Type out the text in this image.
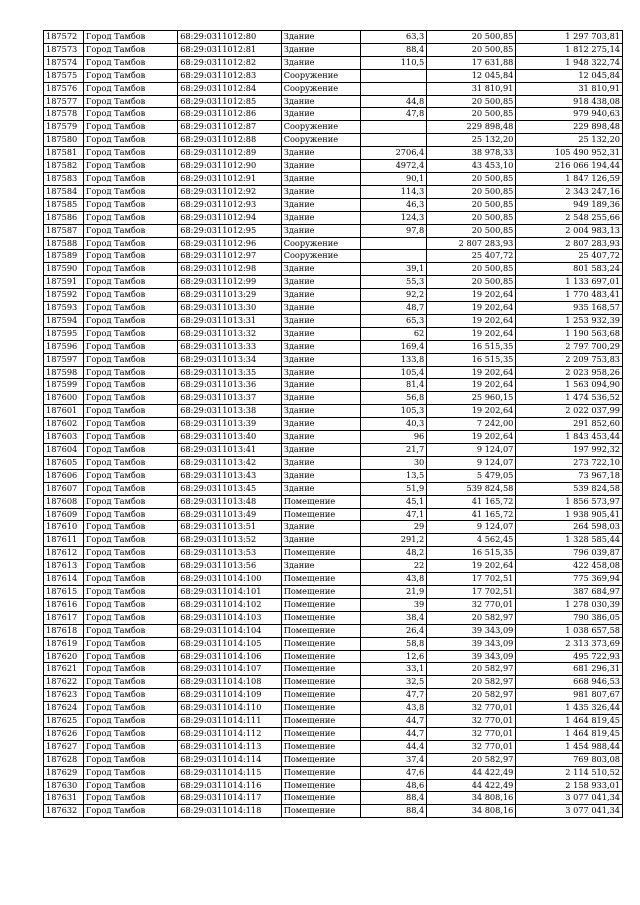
187572	Город Тамбов	68:29:0311012:80	Здание	63,3	20 500,85	1 297 703,81
187573	Город Тамбов	68:29:0311012:81	Здание	88,4	20 500,85	1 812 275,14
187574	Город Тамбов	68:29:0311012:82	Здание	110,5	17 631,88	1 948 322,74
187575	Город Тамбов	68:29:0311012:83	Сооружение		12 045,84	12 045,84
187576	Город Тамбов	68:29:0311012:84	Сооружение		31 810,91	31 810,91
187577	Город Тамбов	68:29:0311012:85	Здание	44,8	20 500,85	918 438,08
187578	Город Тамбов	68:29:0311012:86	Здание	47,8	20 500,85	979 940,63
187579	Город Тамбов	68:29:0311012:87	Сооружение		229 898,48	229 898,48
187580	Город Тамбов	68:29:0311012:88	Сооружение		25 132,20	25 132,20
187581	Город Тамбов	68:29:0311012:89	Здание	2706,4	38 978,33	105 490 952,31
187582	Город Тамбов	68:29:0311012:90	Здание	4972,4	43 453,10	216 066 194,44
187583	Город Тамбов	68:29:0311012:91	Здание	90,1	20 500,85	1 847 126,59
187584	Город Тамбов	68:29:0311012:92	Здание	114,3	20 500,85	2 343 247,16
187585	Город Тамбов	68:29:0311012:93	Здание	46,3	20 500,85	949 189,36
187586	Город Тамбов	68:29:0311012:94	Здание	124,3	20 500,85	2 548 255,66
187587	Город Тамбов	68:29:0311012:95	Здание	97,8	20 500,85	2 004 983,13
187588	Город Тамбов	68:29:0311012:96	Сооружение		2 807 283,93	2 807 283,93
187589	Город Тамбов	68:29:0311012:97	Сооружение		25 407,72	25 407,72
187590	Город Тамбов	68:29:0311012:98	Здание	39,1	20 500,85	801 583,24
187591	Город Тамбов	68:29:0311012:99	Здание	55,3	20 500,85	1 133 697,01
187592	Город Тамбов	68:29:0311013:29	Здание	92,2	19 202,64	1 770 483,41
187593	Город Тамбов	68:29:0311013:30	Здание	48,7	19 202,64	935 168,57
187594	Город Тамбов	68:29:0311013:31	Здание	65,3	19 202,64	1 253 932,39
187595	Город Тамбов	68:29:0311013:32	Здание	62	19 202,64	1 190 563,68
187596	Город Тамбов	68:29:0311013:33	Здание	169,4	16 515,35	2 797 700,29
187597	Город Тамбов	68:29:0311013:34	Здание	133,8	16 515,35	2 209 753,83
187598	Город Тамбов	68:29:0311013:35	Здание	105,4	19 202,64	2 023 958,26
187599	Город Тамбов	68:29:0311013:36	Здание	81,4	19 202,64	1 563 094,90
187600	Город Тамбов	68:29:0311013:37	Здание	56,8	25 960,15	1 474 536,52
187601	Город Тамбов	68:29:0311013:38	Здание	105,3	19 202,64	2 022 037,99
187602	Город Тамбов	68:29:0311013:39	Здание	40,3	7 242,00	291 852,60
187603	Город Тамбов	68:29:0311013:40	Здание	96	19 202,64	1 843 453,44
187604	Город Тамбов	68:29:0311013:41	Здание	21,7	9 124,07	197 992,32
187605	Город Тамбов	68:29:0311013:42	Здание	30	9 124,07	273 722,10
187606	Город Тамбов	68:29:0311013:43	Здание	13,5	5 479,05	73 967,18
187607	Город Тамбов	68:29:0311013:45	Здание	51,9	539 824,58	539 824,58
187608	Город Тамбов	68:29:0311013:48	Помещение	45,1	41 165,72	1 856 573,97
187609	Город Тамбов	68:29:0311013:49	Помещение	47,1	41 165,72	1 938 905,41
187610	Город Тамбов	68:29:0311013:51	Здание	29	9 124,07	264 598,03
187611	Город Тамбов	68:29:0311013:52	Здание	291,2	4 562,45	1 328 585,44
187612	Город Тамбов	68:29:0311013:53	Помещение	48,2	16 515,35	796 039,87
187613	Город Тамбов	68:29:0311013:56	Здание	22	19 202,64	422 458,08
187614	Город Тамбов	68:29:0311014:100	Помещение	43,8	17 702,51	775 369,94
187615	Город Тамбов	68:29:0311014:101	Помещение	21,9	17 702,51	387 684,97
187616	Город Тамбов	68:29:0311014:102	Помещение	39	32 770,01	1 278 030,39
187617	Город Тамбов	68:29:0311014:103	Помещение	38,4	20 582,97	790 386,05
187618	Город Тамбов	68:29:0311014:104	Помещение	26,4	39 343,09	1 038 657,58
187619	Город Тамбов	68:29:0311014:105	Помещение	58,8	39 343,09	2 313 373,69
187620	Город Тамбов	68:29:0311014:106	Помещение	12,6	39 343,09	495 722,93
187621	Город Тамбов	68:29:0311014:107	Помещение	33,1	20 582,97	681 296,31
187622	Город Тамбов	68:29:0311014:108	Помещение	32,5	20 582,97	668 946,53
187623	Город Тамбов	68:29:0311014:109	Помещение	47,7	20 582,97	981 807,67
187624	Город Тамбов	68:29:0311014:110	Помещение	43,8	32 770,01	1 435 326,44
187625	Город Тамбов	68:29:0311014:111	Помещение	44,7	32 770,01	1 464 819,45
187626	Город Тамбов	68:29:0311014:112	Помещение	44,7	32 770,01	1 464 819,45
187627	Город Тамбов	68:29:0311014:113	Помещение	44,4	32 770,01	1 454 988,44
187628	Город Тамбов	68:29:0311014:114	Помещение	37,4	20 582,97	769 803,08
187629	Город Тамбов	68:29:0311014:115	Помещение	47,6	44 422,49	2 114 510,52
187630	Город Тамбов	68:29:0311014:116	Помещение	48,6	44 422,49	2 158 933,01
187631	Город Тамбов	68:29:0311014:117	Помещение	88,4	34 808,16	3 077 041,34
187632	Город Тамбов	68:29:0311014:118	Помещение	88,4	34 808,16	3 077 041,34
